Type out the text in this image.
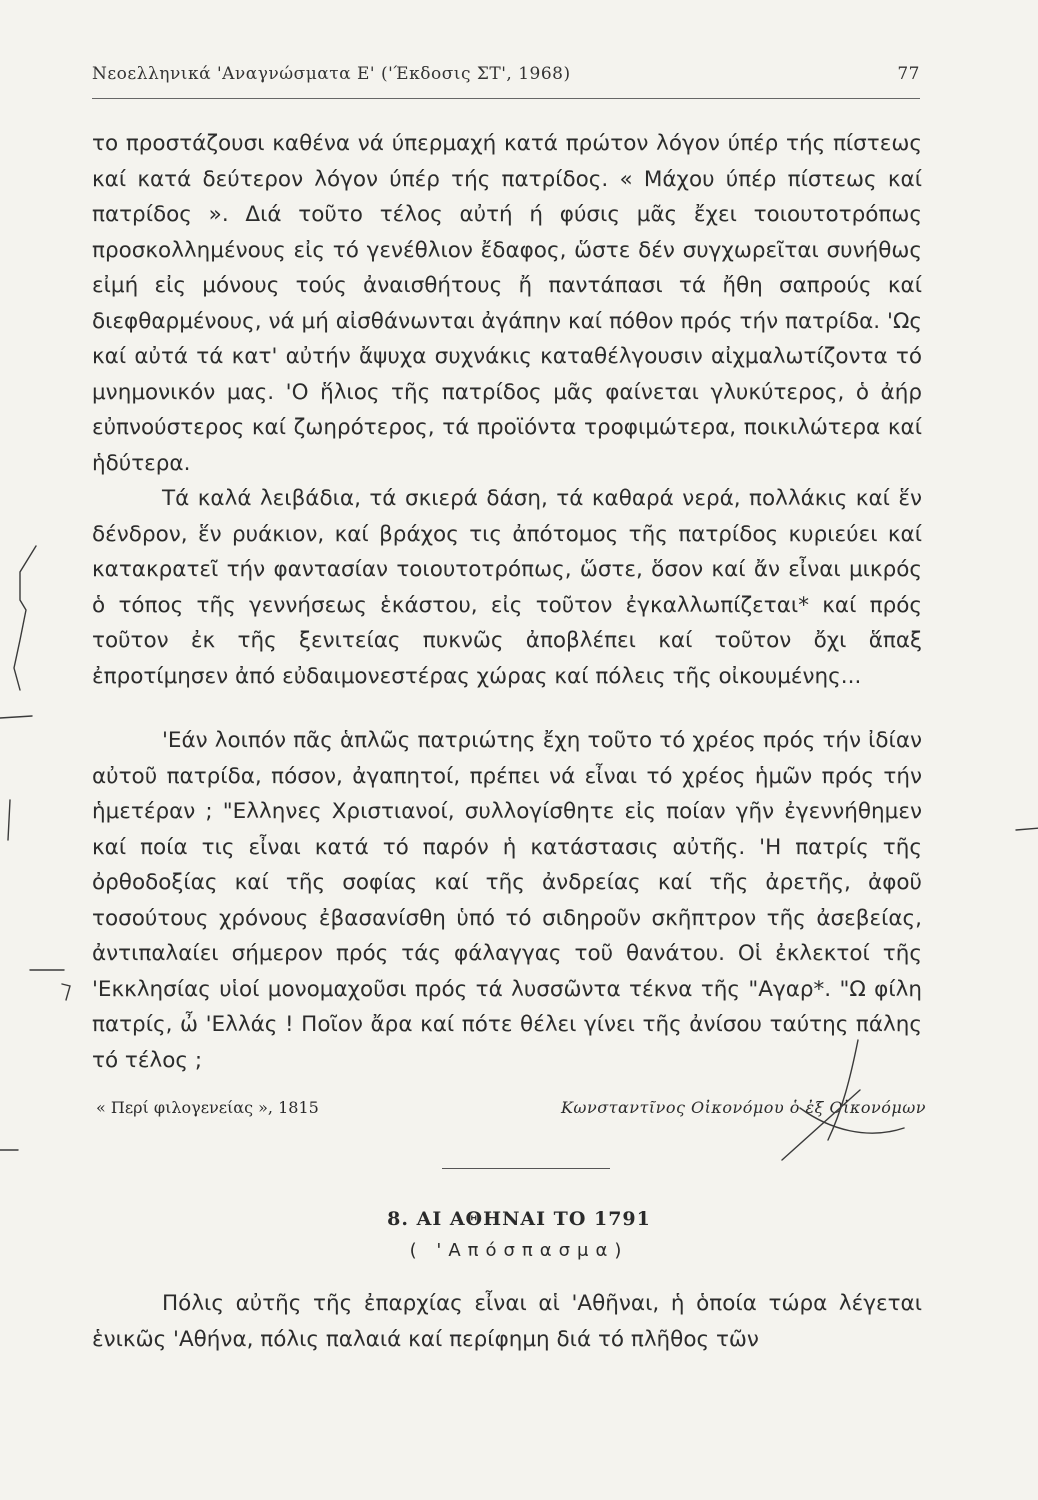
Νεοελληνικά 'Αναγνώσματα Ε' ('Έκδοσις ΣΤ', 1968)	77

το προστάζουσι καθένα νά ύπερμαχή κατά πρώτον λόγον ύπέρ τής πίστεως καί κατά δεύτερον λόγον ύπέρ τής πατρίδος. « Μάχου ύπέρ πίστεως καί πατρίδος ». Διά τοῦτο τέλος αὐτή ή φύσις μᾶς ἔχει τοιουτοτρόπως προσκολλημένους εἰς τό γενέθλιον ἔδαφος, ὥστε δέν συγχωρεῖται συνήθως εἰμή εἰς μόνους τούς ἀναισθήτους ἤ παντάπασι τά ἤθη σαπρούς καί διεφθαρμένους, νά μή αἰσθάνωνται ἀγάπην καί πόθον πρός τήν πατρίδα. 'Ως καί αὐτά τά κατ' αὐτήν ἄψυχα συχνάκις καταθέλγουσιν αἰχμαλωτίζοντα τό μνημονικόν μας. 'Ο ἥλιος τῆς πατρίδος μᾶς φαίνεται γλυκύτερος, ὁ ἀήρ εὐπνούστερος καί ζωηρότερος, τά προϊόντα τροφιμώτερα, ποικιλώτερα καί ἡδύτερα.

Τά καλά λειβάδια, τά σκιερά δάση, τά καθαρά νερά, πολλάκις καί ἕν δένδρον, ἕν ρυάκιον, καί βράχος τις ἀπότομος τῆς πατρίδος κυριεύει καί κατακρατεῖ τήν φαντασίαν τοιουτοτρόπως, ὥστε, ὅσον καί ἄν εἶναι μικρός ὁ τόπος τῆς γεννήσεως ἑκάστου, εἰς τοῦτον ἐγκαλλωπίζεται* καί πρός τοῦτον ἐκ τῆς ξενιτείας πυκνῶς ἀποβλέπει καί τοῦτον ὄχι ἅπαξ ἐπροτίμησεν ἀπό εὐδαιμονεστέρας χώρας καί πόλεις τῆς οἰκουμένης...

'Εάν λοιπόν πᾶς ἁπλῶς πατριώτης ἔχη τοῦτο τό χρέος πρός τήν ἰδίαν αὐτοῦ πατρίδα, πόσον, ἀγαπητοί, πρέπει νά εἶναι τό χρέος ἡμῶν πρός τήν ἡμετέραν ; "Ελληνες Χριστιανοί, συλλογίσθητε εἰς ποίαν γῆν ἐγεννήθημεν καί ποία τις εἶναι κατά τό παρόν ἡ κατάστασις αὐτῆς. 'Η πατρίς τῆς ὀρθοδοξίας καί τῆς σοφίας καί τῆς ἀνδρείας καί τῆς ἀρετῆς, ἀφοῦ τοσούτους χρόνους ἐβασανίσθη ὑπό τό σιδηροῦν σκῆπτρον τῆς ἀσεβείας, ἀντιπαλαίει σήμερον πρός τάς φάλαγγας τοῦ θανάτου. Οἱ ἐκλεκτοί τῆς 'Εκκλησίας υἱοί μονομαχοῦσι πρός τά λυσσῶντα τέκνα τῆς "Αγαρ*. "Ω φίλη πατρίς, ὦ 'Ελλάς ! Ποῖον ἄρα καί πότε θέλει γίνει τῆς ἀνίσου ταύτης πάλης τό τέλος ;

« Περί φιλογενείας », 1815	Κωνσταντῖνος Οἰκονόμου ὁ ἐξ Οἰκονόμων
8. ΑΙ ΑΘΗΝΑΙ ΤΟ 1791
( 'Απόσπασμα)

Πόλις αὐτῆς τῆς ἐπαρχίας εἶναι αἱ 'Αθῆναι, ἡ ὁποία τώρα λέγεται ἑνικῶς 'Αθήνα, πόλις παλαιά καί περίφημη διά τό πλῆθος τῶν
